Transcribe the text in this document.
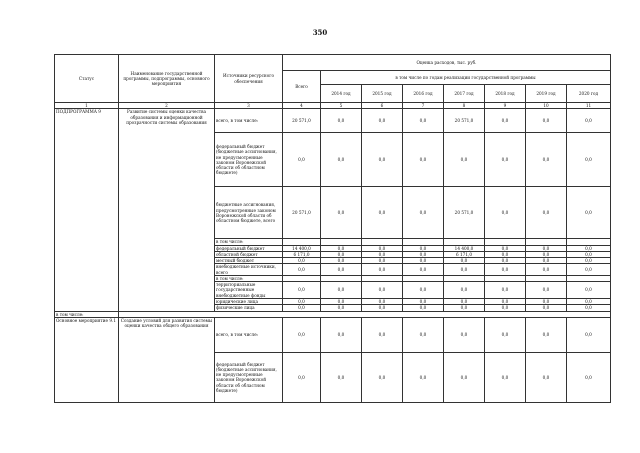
350
Статус	Наименование государственной программы, подпрограммы, основного мероприятия	Источники ресурсного обеспечения	Оценка расходов, тыс. руб.							
			Всего	в том числе по годам реализации государственной программы						
				2014 год	2015 год	2016 год	2017 год	2018 год	2019 год	2020 год
1	2	3	4	5	6	7	8	9	10	11
ПОДПРОГРАММА 9	Развитие системы оценки качества образования и информационной прозрачности системы образования	всего, в том числе:	20 571,0	0,0	0,0	0,0	20 571,0	0,0	0,0	0,0
		федеральный бюджет (бюджетные ассигнования, не предусмотренные законом Воронежской области об областном бюджете)	0,0	0,0	0,0	0,0	0,0	0,0	0,0	0,0
		бюджетные ассигнования, предусмотренные законом Воронежской области об областном бюджете, всего	20 571,0	0,0	0,0	0,0	20 571,0	0,0	0,0	0,0
		в том числе:								
		федеральный бюджет	14 400,0	0,0	0,0	0,0	14 400,0	0,0	0,0	0,0
		областной бюджет	6 171,0	0,0	0,0	0,0	6 171,0	0,0	0,0	0,0
		местный бюджет	0,0	0,0	0,0	0,0	0,0	0,0	0,0	0,0
		внебюджетные источники, всего	0,0	0,0	0,0	0,0	0,0	0,0	0,0	0,0
		в том числе:								
		территориальные государственные внебюджетные фонды	0,0	0,0	0,0	0,0	0,0	0,0	0,0	0,0
		юридические лица	0,0	0,0	0,0	0,0	0,0	0,0	0,0	0,0
		физические лица	0,0	0,0	0,0	0,0	0,0	0,0	0,0	0,0
в том числе:										
Основное мероприятие 9.1	Создание условий для развития системы оценки качества общего образования	всего, в том числе:	0,0	0,0	0,0	0,0	0,0	0,0	0,0	0,0
		федеральный бюджет (бюджетные ассигнования, не предусмотренные законом Воронежской области об областном бюджете)	0,0	0,0	0,0	0,0	0,0	0,0	0,0	0,0
